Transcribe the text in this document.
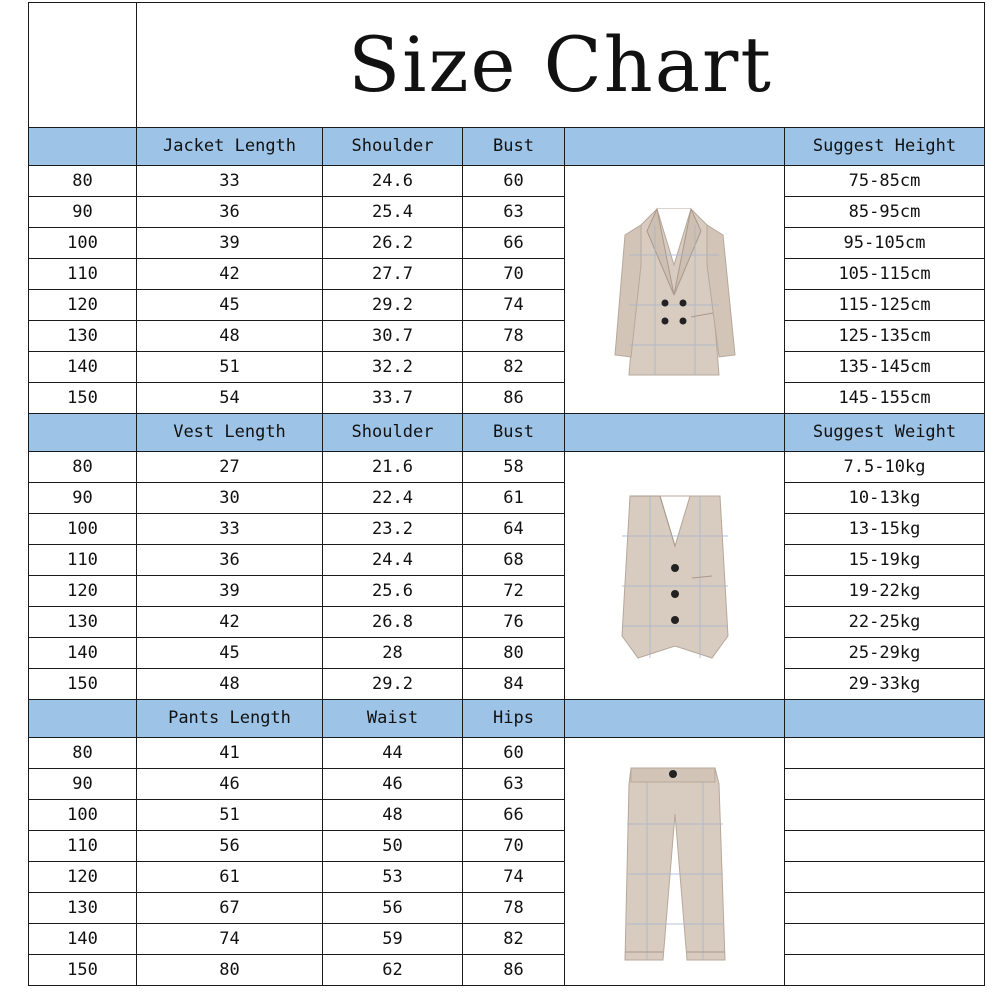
	Size Chart				
	Jacket Length	Shoulder	Bust		Suggest Height
80	33	24.6	60		75-85cm
90	36	25.4	63		85-95cm
100	39	26.2	66		95-105cm
110	42	27.7	70		105-115cm
120	45	29.2	74		115-125cm
130	48	30.7	78		125-135cm
140	51	32.2	82		135-145cm
150	54	33.7	86		145-155cm
	Vest Length	Shoulder	Bust		Suggest Weight
80	27	21.6	58		7.5-10kg
90	30	22.4	61		10-13kg
100	33	23.2	64		13-15kg
110	36	24.4	68		15-19kg
120	39	25.6	72		19-22kg
130	42	26.8	76		22-25kg
140	45	28	80		25-29kg
150	48	29.2	84		29-33kg
	Pants Length	Waist	Hips		
80	41	44	60	

90	46	46	63		
100	51	48	66		
110	56	50	70		
120	61	53	74		
130	67	56	78		
140	74	59	82		
150	80	62	86		
